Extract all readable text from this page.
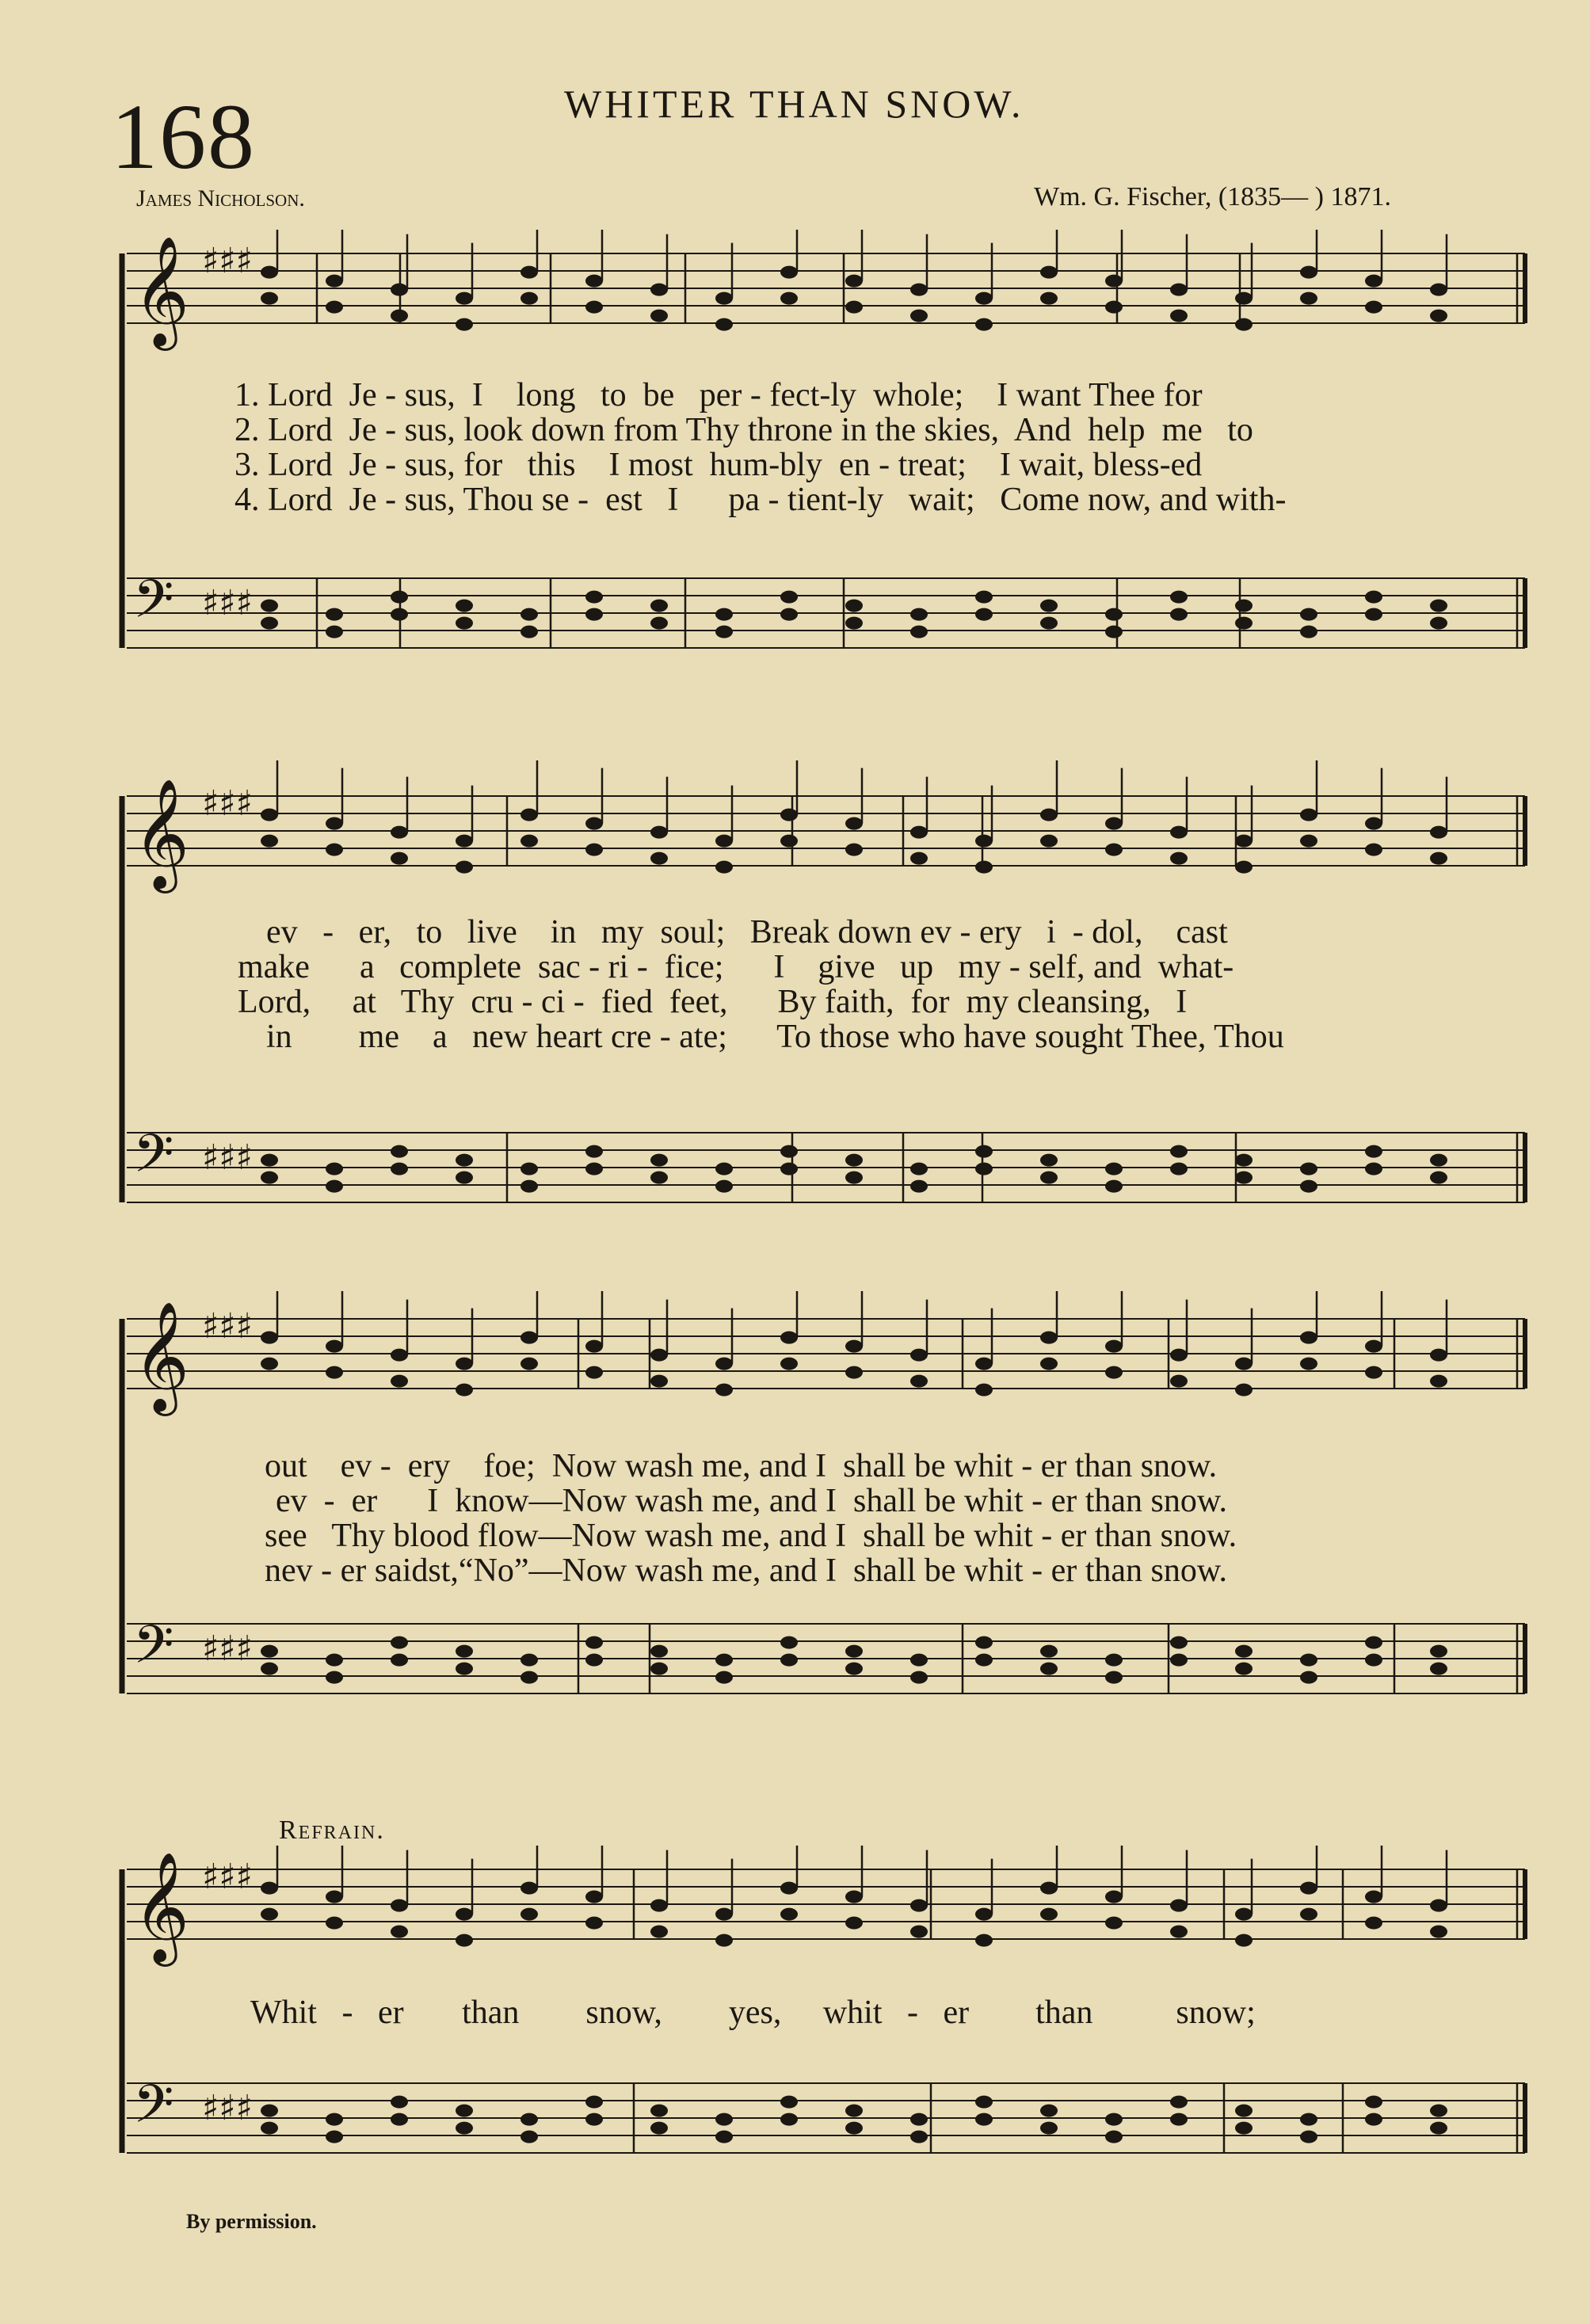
168	WHITER THAN SNOW.
James Nicholson.	Wm. G. Fischer, (1835— ) 1871.
𝄞 ♯♯♯
𝄢 ♯♯♯
1. Lord  Je - sus,  I    long   to  be   per - fect-ly  whole;    I want Thee for
2. Lord  Je - sus, look down from Thy throne in the skies,  And  help  me   to
3. Lord  Je - sus, for   this    I most  hum-bly  en - treat;    I wait, bless-ed
4. Lord  Je - sus, Thou se -  est   I      pa - tient-ly   wait;   Come now, and with-
𝄞 ♯♯♯
𝄢 ♯♯♯
ev   -   er,   to   live    in   my  soul;   Break down ev - ery   i  - dol,    cast
make      a   complete  sac - ri -  fice;      I    give   up   my - self, and  what-
Lord,     at   Thy  cru - ci -  fied  feet,      By faith,  for  my cleansing,   I
in        me    a   new heart cre - ate;      To those who have sought Thee, Thou
𝄞 ♯♯♯
𝄢 ♯♯♯
out    ev -  ery    foe;  Now wash me, and I  shall be whit - er than snow.
ev  -  er      I  know—Now wash me, and I  shall be whit - er than snow.
see   Thy blood flow—Now wash me, and I  shall be whit - er than snow.
nev - er saidst,“No”—Now wash me, and I  shall be whit - er than snow.
Refrain.
𝄞 ♯♯♯
𝄢 ♯♯♯
Whit   -   er       than        snow,        yes,     whit   -   er        than          snow;
By permission.
